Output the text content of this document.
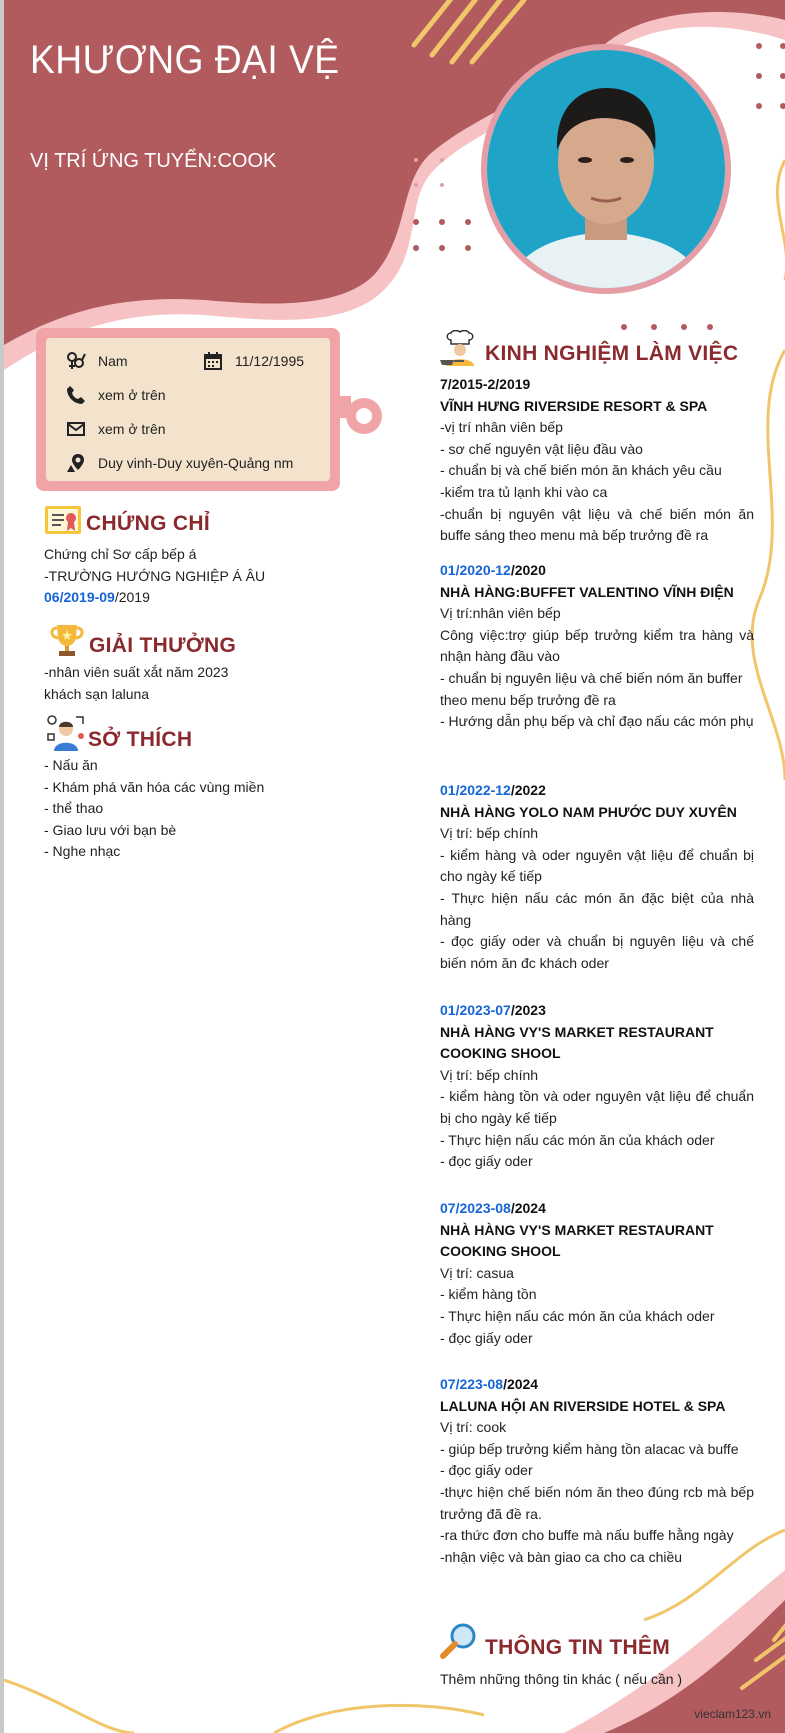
KHƯƠNG ĐẠI VỆ
VỊ TRÍ ỨNG TUYỂN:COOK
Nam	11/12/1995
xem ở trên
xem ở trên
Duy vinh-Duy xuyên-Quảng nm
CHỨNG CHỈ
Chứng chỉ Sơ cấp bếp á
-TRƯỜNG HƯỚNG NGHIỆP Á ÂU
06/2019-09/2019
GIẢI THƯỞNG
-nhân viên suất xắt năm 2023
khách sạn laluna
SỞ THÍCH
- Nấu ăn
- Khám phá văn hóa các vùng miền
- thể thao
- Giao lưu với bạn bè
- Nghe nhạc
KINH NGHIỆM LÀM VIỆC
7/2015-2/2019
VĨNH HƯNG RIVERSIDE RESORT & SPA
-vị trí nhân viên bếp
- sơ chế nguyên vật liệu đầu vào
- chuẩn bị và chế biến món ăn khách yêu cầu
-kiểm tra tủ lạnh khi vào ca
-chuẩn bị nguyên vật liệu và chế biến món ăn buffe sáng theo menu mà bếp trưởng đề ra
01/2020-12/2020
NHÀ HÀNG:BUFFET VALENTINO VĨNH ĐIỆN
Vị trí:nhân viên bếp
Công việc:trợ giúp bếp trưởng kiểm tra hàng và nhận hàng đầu vào
- chuẩn bị nguyên liệu và chế biến nóm ăn buffer
theo menu bếp trưởng đề ra
- Hướng dẫn phụ bếp và chỉ đạo nấu các món phụ
01/2022-12/2022
NHÀ HÀNG YOLO NAM PHƯỚC DUY XUYÊN
Vị trí: bếp chính
- kiểm hàng và oder nguyên vật liệu để chuẩn bị cho ngày kế tiếp
- Thực hiện nấu các món ăn đặc biệt của nhà hàng
- đọc giấy oder và chuẩn bị nguyên liệu và chế biến nóm ăn đc khách oder
01/2023-07/2023
NHÀ HÀNG VY'S MARKET RESTAURANT COOKING SHOOL
Vị trí: bếp chính
- kiểm hàng tồn và oder nguyên vật liệu để chuẩn bị cho ngày kế tiếp
- Thực hiện nấu các món ăn của khách oder
- đọc giấy oder
07/2023-08/2024
NHÀ HÀNG VY'S MARKET RESTAURANT COOKING SHOOL
Vị trí: casua
- kiểm hàng tồn
- Thực hiện nấu các món ăn của khách oder
- đọc giấy oder
07/223-08/2024
LALUNA HỘI AN RIVERSIDE HOTEL & SPA
Vị trí: cook
- giúp bếp trưởng kiểm hàng tồn alacac và buffe
- đọc giấy oder
-thực hiện chế biến nóm ăn theo đúng rcb mà bếp trưởng đã đề ra.
-ra thức đơn cho buffe mà nấu buffe hằng ngày
-nhận việc và bàn giao ca cho ca chiều
THÔNG TIN THÊM
Thêm những thông tin khác ( nếu cần )
vieclam123.vn
